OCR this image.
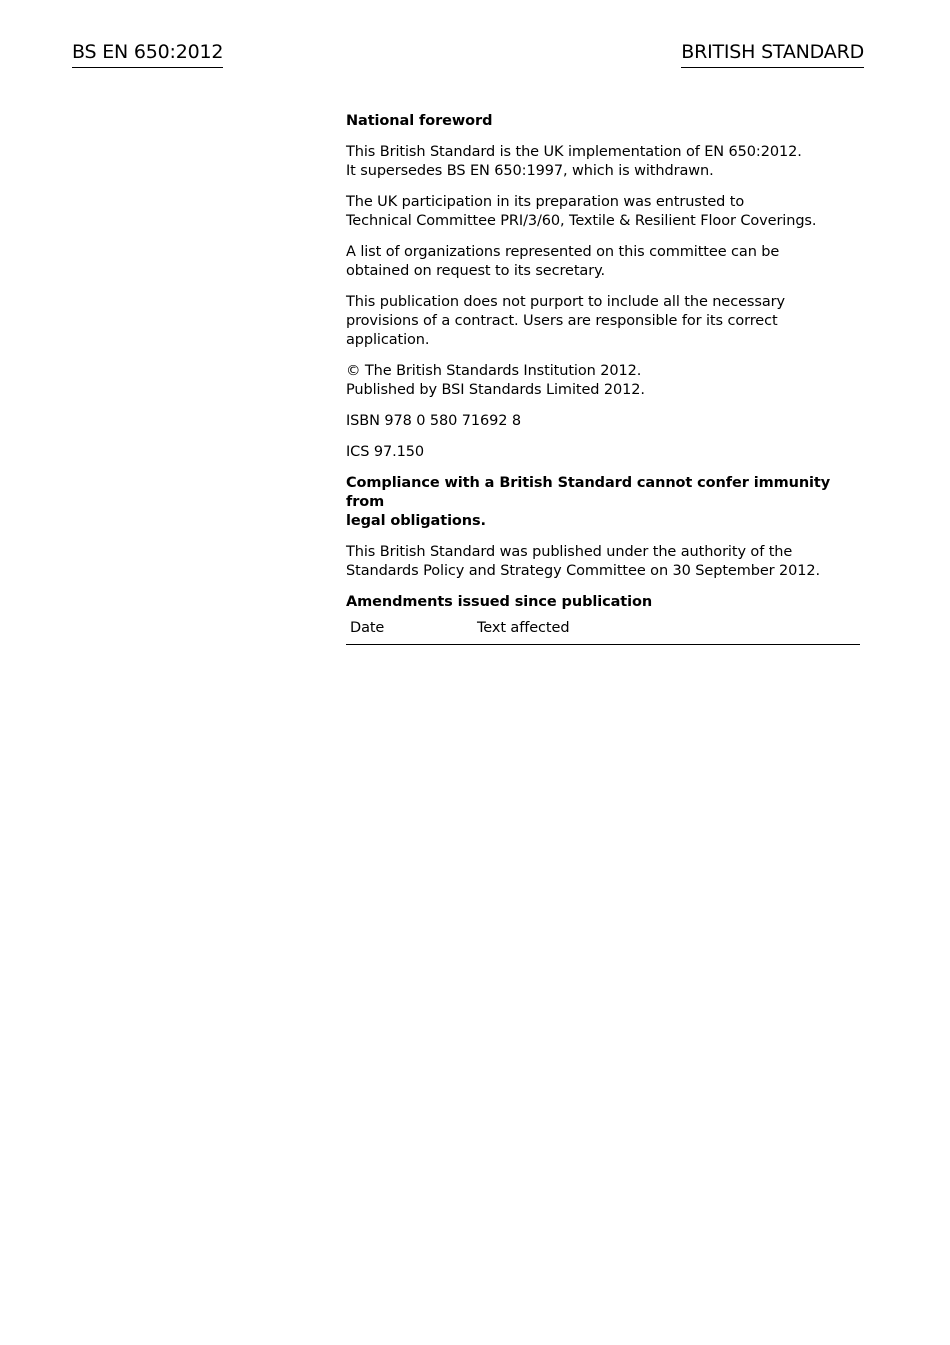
BS EN 650:2012	BRITISH STANDARD

National foreword

This British Standard is the UK implementation of EN 650:2012.
It supersedes BS EN 650:1997, which is withdrawn.

The UK participation in its preparation was entrusted to
Technical Committee PRI/3/60, Textile & Resilient Floor Coverings.

A list of organizations represented on this committee can be
obtained on request to its secretary.

This publication does not purport to include all the necessary
provisions of a contract. Users are responsible for its correct
application.

© The British Standards Institution 2012.
Published by BSI Standards Limited 2012.

ISBN 978 0 580 71692 8

ICS 97.150

Compliance with a British Standard cannot confer immunity from
legal obligations.

This British Standard was published under the authority of the
Standards Policy and Strategy Committee on 30 September 2012.

Amendments issued since publication

Date	Text affected
